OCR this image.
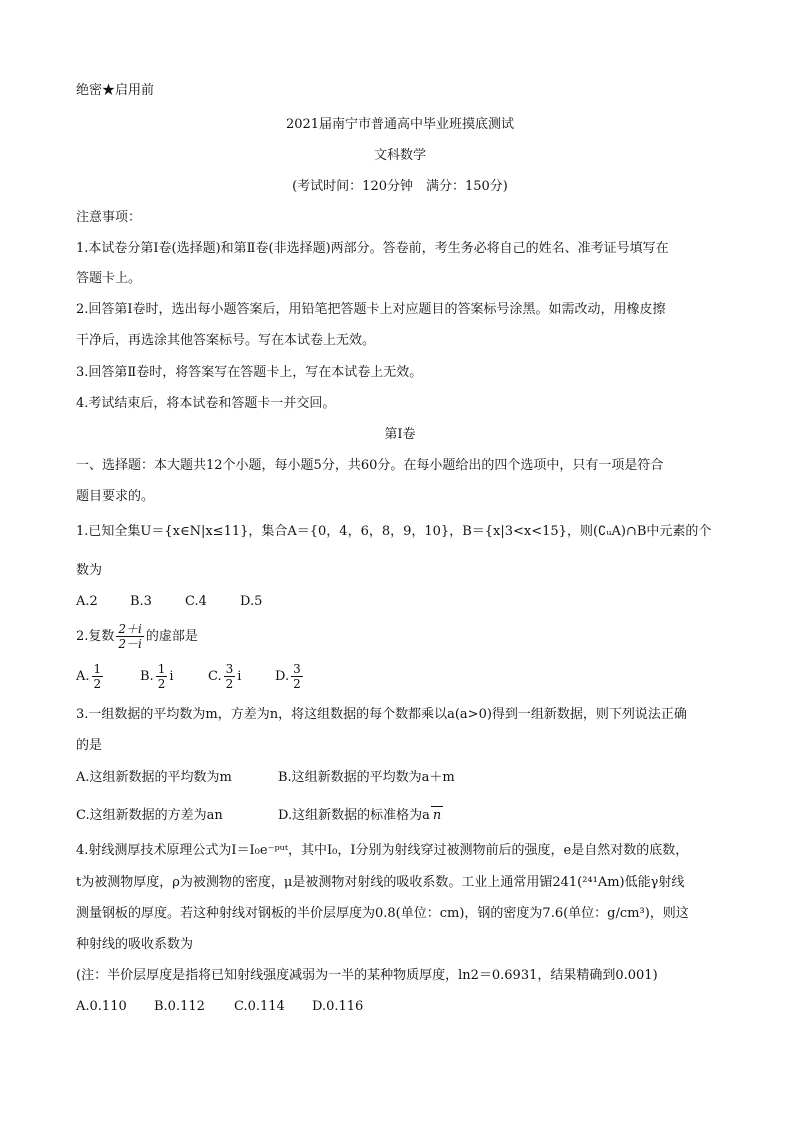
绝密★启用前
2021届南宁市普通高中毕业班摸底测试
文科数学
(考试时间：120分钟　满分：150分)
注意事项：
1.本试卷分第Ⅰ卷(选择题)和第Ⅱ卷(非选择题)两部分。答卷前，考生务必将自己的姓名、准考证号填写在
答题卡上。
2.回答第Ⅰ卷时，选出每小题答案后，用铅笔把答题卡上对应题目的答案标号涂黑。如需改动，用橡皮擦
干净后，再选涂其他答案标号。写在本试卷上无效。
3.回答第Ⅱ卷时，将答案写在答题卡上，写在本试卷上无效。
4.考试结束后，将本试卷和答题卡一并交回。
第Ⅰ卷
一、选择题：本大题共12个小题，每小题5分，共60分。在每小题给出的四个选项中，只有一项是符合
题目要求的。
1.已知全集U＝{x∈N|x≤11}，集合A＝{0，4，6，8，9，10}，B＝{x|3<x<15}，则(∁ᵤA)∩B中元素的个
数为
A.2 B.3	C.4	D.5
2.复数 $\frac{2+i}{2-i}$ 的虚部是
A. $\frac{1}{2}$	B. $\frac{1}{2}$ i	C. $\frac{3}{2}$ i	D. $\frac{3}{2}$
3.一组数据的平均数为m，方差为n，将这组数据的每个数都乘以a(a>0)得到一组新数据，则下列说法正确
的是
A.这组新数据的平均数为m	B.这组新数据的平均数为a＋m
C.这组新数据的方差为an	D.这组新数据的标准格为a n
4.射线测厚技术原理公式为I＝I₀e⁻ᵖᵘᵗ，其中I₀，I分别为射线穿过被测物前后的强度，e是自然对数的底数，
t为被测物厚度，ρ为被测物的密度，μ是被测物对射线的吸收系数。工业上通常用镅241(²⁴¹Am)低能γ射线
测量钢板的厚度。若这种射线对钢板的半价层厚度为0.8(单位：cm)，钢的密度为7.6(单位：g/cm³)，则这
种射线的吸收系数为
(注：半价层厚度是指将已知射线强度减弱为一半的某种物质厚度，ln2＝0.6931，结果精确到0.001)
A.0.110 B.0.112 C.0.114 D.0.116
